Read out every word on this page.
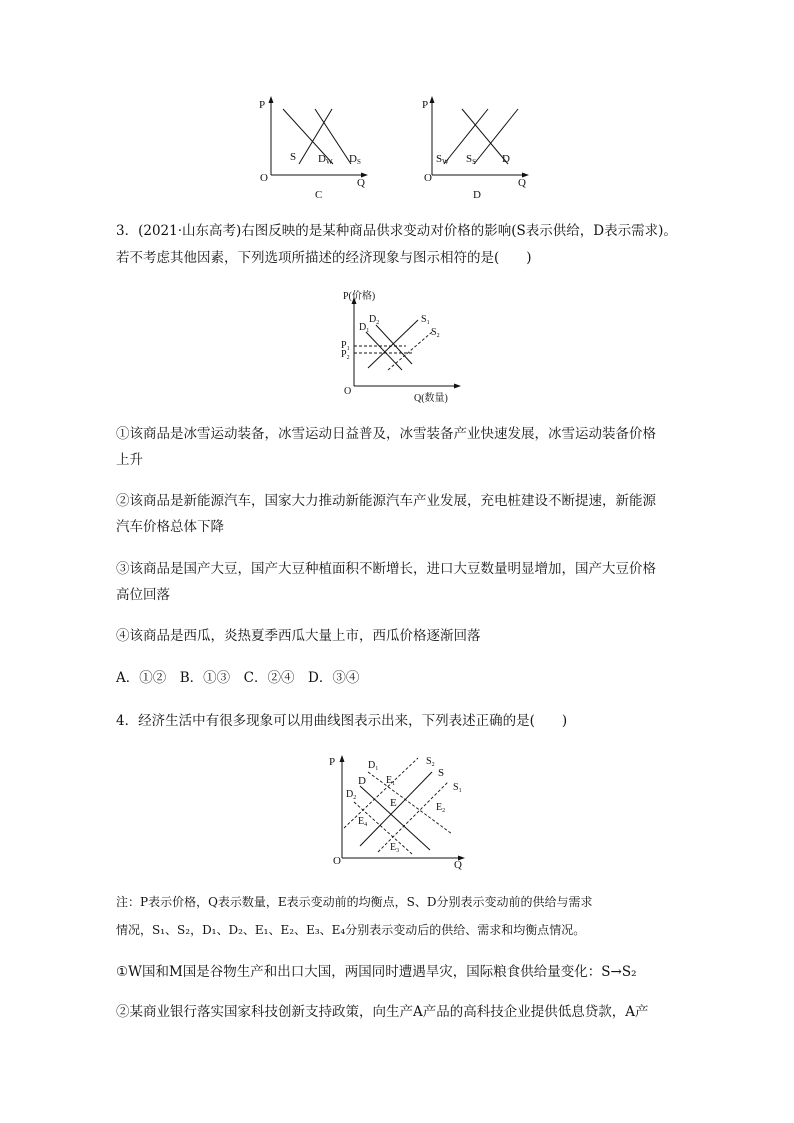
P
O	Q
S DW DS
C
P
O	Q
SW SS D
D
3．(2021·山东高考)右图反映的是某种商品供求变动对价格的影响(S表示供给，D表示需求)。
若不考虑其他因素，下列选项所描述的经济现象与图示相符的是(　　)
P(价格)
O
Q(数量)
$D_2$
$D_1$
$S_1$
$S_2$
$P_1$
$P_2$
①该商品是冰雪运动装备，冰雪运动日益普及，冰雪装备产业快速发展，冰雪运动装备价格
上升
②该商品是新能源汽车，国家大力推动新能源汽车产业发展，充电桩建设不断提速，新能源
汽车价格总体下降
③该商品是国产大豆，国产大豆种植面积不断增长，进口大豆数量明显增加，国产大豆价格
高位回落
④该商品是西瓜，炎热夏季西瓜大量上市，西瓜价格逐渐回落
A．①②　B．①③　C．②④　D．③④
4．经济生活中有很多现象可以用曲线图表示出来，下列表述正确的是(　　)
P
O	Q
$D_1$
D
$D_2$
$S_2$
S
$S_1$
$E_1$
E	$E_2$
$E_4$
$E_3$
注：P表示价格，Q表示数量，E表示变动前的均衡点，S、D分别表示变动前的供给与需求
情况，S₁、S₂，D₁、D₂、E₁、E₂、E₃、E₄分别表示变动后的供给、需求和均衡点情况。
①W国和M国是谷物生产和出口大国，两国同时遭遇旱灾，国际粮食供给量变化：S→S₂
②某商业银行落实国家科技创新支持政策，向生产A产品的高科技企业提供低息贷款，A产
